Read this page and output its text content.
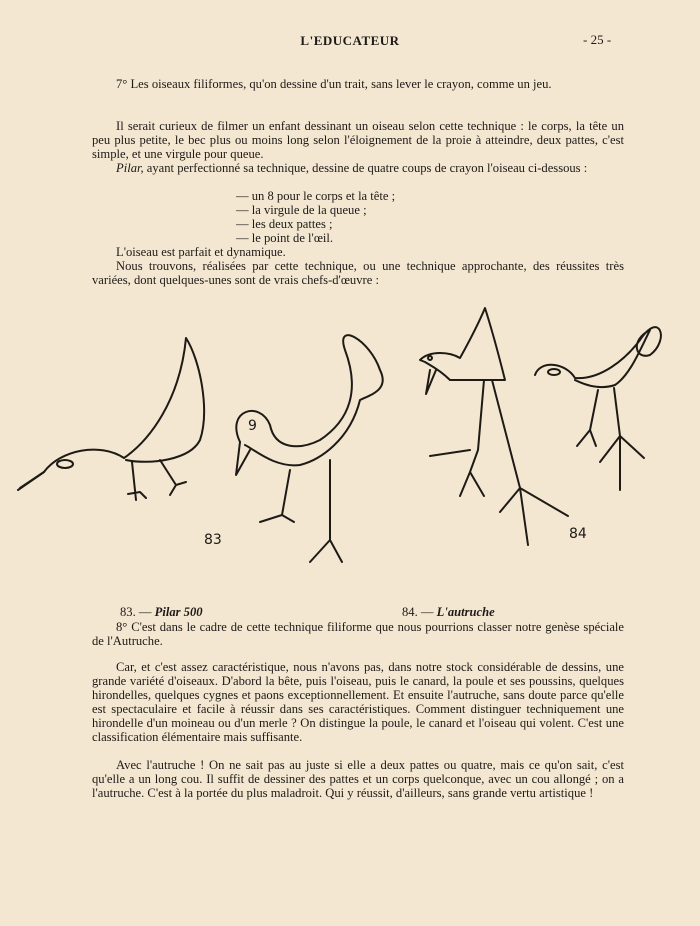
L'EDUCATEUR	- 25 -
7° Les oiseaux filiformes, qu'on dessine d'un trait, sans lever le crayon, comme un jeu.
Il serait curieux de filmer un enfant dessinant un oiseau selon cette technique : le corps, la tête un peu plus petite, le bec plus ou moins long selon l'éloignement de la proie à atteindre, deux pattes, c'est simple, et une virgule pour queue.
Pilar, ayant perfectionné sa technique, dessine de quatre coups de crayon l'oiseau ci-dessous :
— un 8 pour le corps et la tête ;
— la virgule de la queue ;
— les deux pattes ;
— le point de l'œil.
L'oiseau est parfait et dynamique.
Nous trouvons, réalisées par cette technique, ou une technique approchante, des réussites très variées, dont quelques-unes sont de vrais chefs-d'œuvre :
9
83	84
83. — Pilar 500	84. — L'autruche
8° C'est dans le cadre de cette technique filiforme que nous pourrions classer notre genèse spéciale de l'Autruche.
Car, et c'est assez caractéristique, nous n'avons pas, dans notre stock considérable de dessins, une grande variété d'oiseaux. D'abord la bête, puis l'oiseau, puis le canard, la poule et ses poussins, quelques hirondelles, quelques cygnes et paons exceptionnellement. Et ensuite l'autruche, sans doute parce qu'elle est spectaculaire et facile à réussir dans ses caractéristiques. Comment distinguer techniquement une hirondelle d'un moineau ou d'un merle ? On distingue la poule, le canard et l'oiseau qui volent. C'est une classification élémentaire mais suffisante.
Avec l'autruche ! On ne sait pas au juste si elle a deux pattes ou quatre, mais ce qu'on sait, c'est qu'elle a un long cou. Il suffit de dessiner des pattes et un corps quelconque, avec un cou allongé ; on a l'autruche. C'est à la portée du plus maladroit. Qui y réussit, d'ailleurs, sans grande vertu artistique !
